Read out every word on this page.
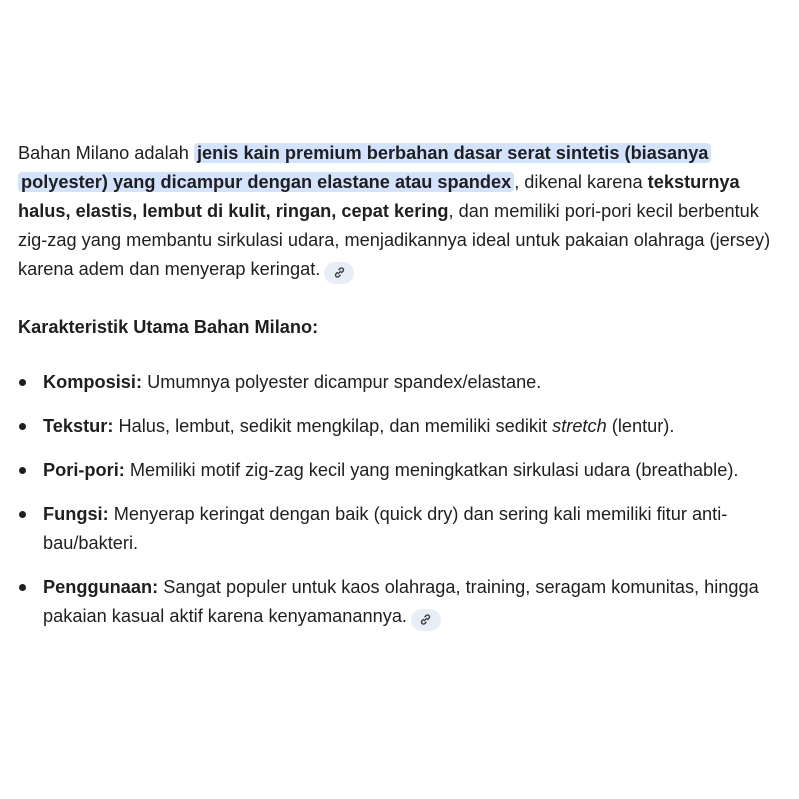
Bahan Milano adalah jenis kain premium berbahan dasar serat sintetis (biasanya polyester) yang dicampur dengan elastane atau spandex , dikenal karena teksturnya halus, elastis, lembut di kulit, ringan, cepat kering, dan memiliki pori-pori kecil berbentuk zig-zag yang membantu sirkulasi udara, menjadikannya ideal untuk pakaian olahraga (jersey) karena adem dan menyerap keringat.

Karakteristik Utama Bahan Milano:

Komposisi: Umumnya polyester dicampur spandex/elastane.
Tekstur: Halus, lembut, sedikit mengkilap, dan memiliki sedikit stretch (lentur).
Pori-pori: Memiliki motif zig-zag kecil yang meningkatkan sirkulasi udara (breathable).
Fungsi: Menyerap keringat dengan baik (quick dry) dan sering kali memiliki fitur anti-bau/bakteri.
Penggunaan: Sangat populer untuk kaos olahraga, training, seragam komunitas, hingga pakaian kasual aktif karena kenyamanannya.
